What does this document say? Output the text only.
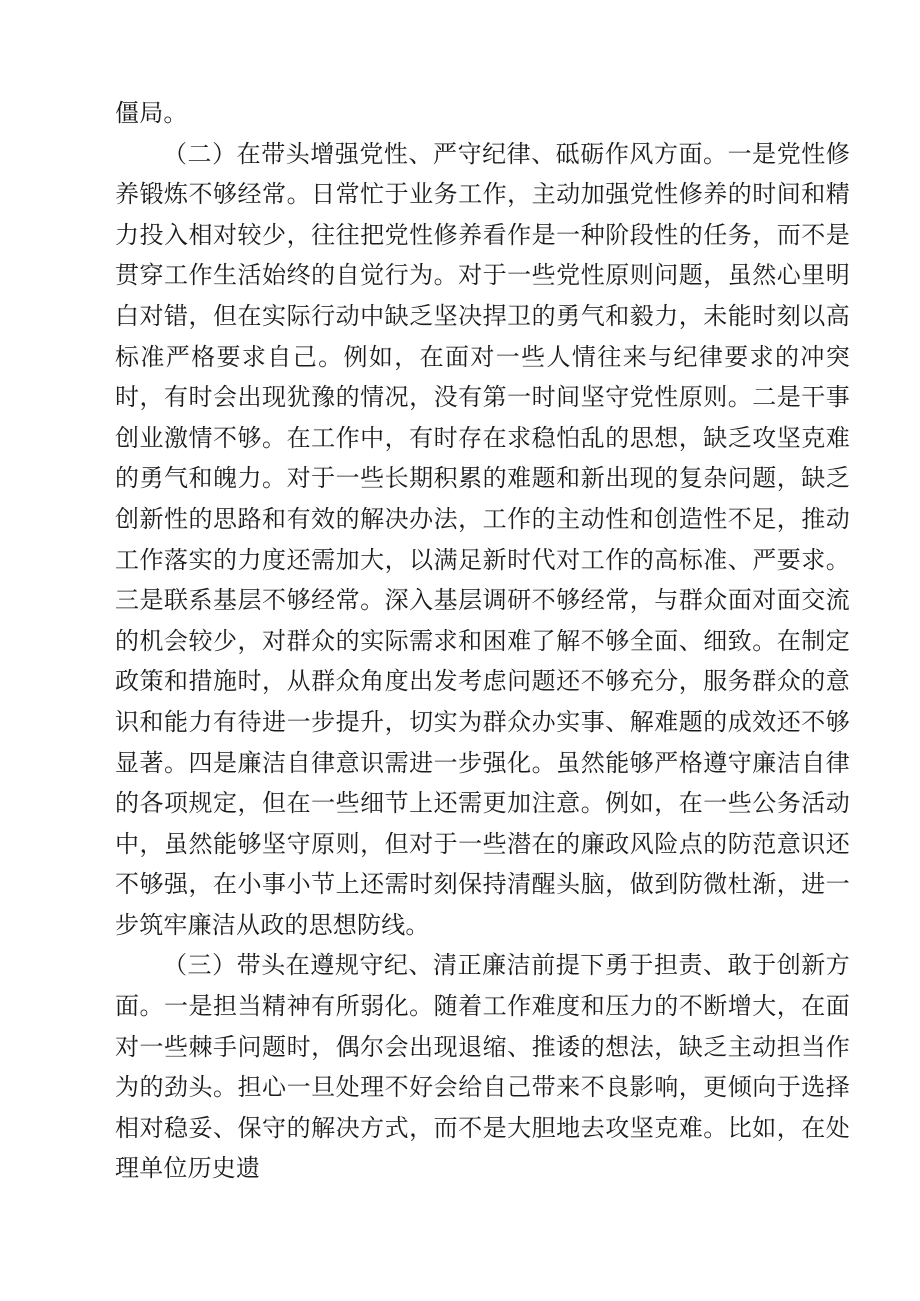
僵局。

（二）在带头增强党性、严守纪律、砥砺作风方面。一是党性修养锻炼不够经常。日常忙于业务工作，主动加强党性修养的时间和精力投入相对较少，往往把党性修养看作是一种阶段性的任务，而不是贯穿工作生活始终的自觉行为。对于一些党性原则问题，虽然心里明白对错，但在实际行动中缺乏坚决捍卫的勇气和毅力，未能时刻以高标准严格要求自己。例如，在面对一些人情往来与纪律要求的冲突时，有时会出现犹豫的情况，没有第一时间坚守党性原则。二是干事创业激情不够。在工作中，有时存在求稳怕乱的思想，缺乏攻坚克难的勇气和魄力。对于一些长期积累的难题和新出现的复杂问题，缺乏创新性的思路和有效的解决办法，工作的主动性和创造性不足，推动工作落实的力度还需加大，以满足新时代对工作的高标准、严要求。三是联系基层不够经常。深入基层调研不够经常，与群众面对面交流的机会较少，对群众的实际需求和困难了解不够全面、细致。在制定政策和措施时，从群众角度出发考虑问题还不够充分，服务群众的意识和能力有待进一步提升，切实为群众办实事、解难题的成效还不够显著。四是廉洁自律意识需进一步强化。虽然能够严格遵守廉洁自律的各项规定，但在一些细节上还需更加注意。例如，在一些公务活动中，虽然能够坚守原则，但对于一些潜在的廉政风险点的防范意识还不够强，在小事小节上还需时刻保持清醒头脑，做到防微杜渐，进一步筑牢廉洁从政的思想防线。

（三）带头在遵规守纪、清正廉洁前提下勇于担责、敢于创新方面。一是担当精神有所弱化。随着工作难度和压力的不断增大，在面对一些棘手问题时，偶尔会出现退缩、推诿的想法，缺乏主动担当作为的劲头。担心一旦处理不好会给自己带来不良影响，更倾向于选择相对稳妥、保守的解决方式，而不是大胆地去攻坚克难。比如，在处理单位历史遗
